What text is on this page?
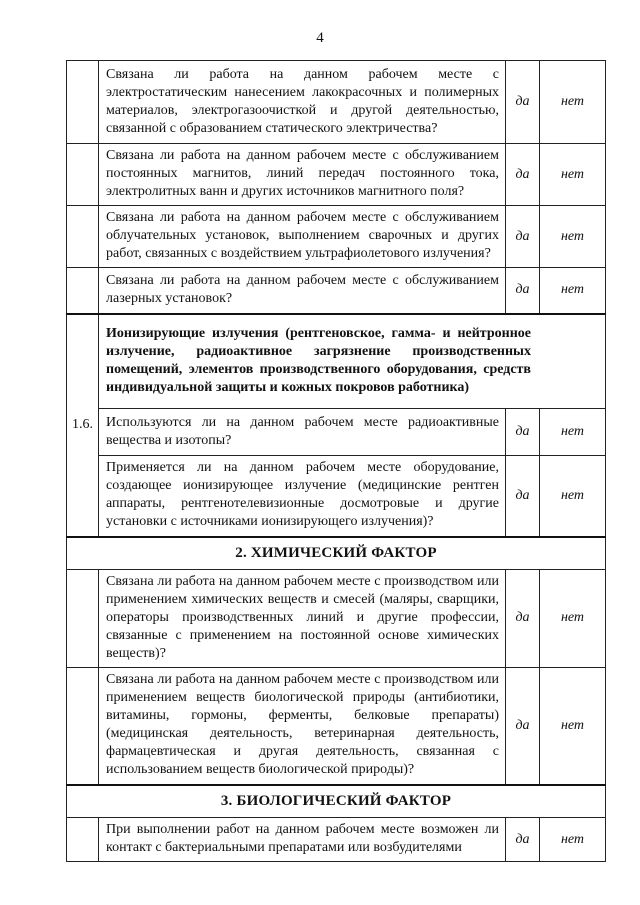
4
	Связана ли работа на данном рабочем месте с электростатическим нанесением лакокрасочных и полимерных материалов, электрогазоочисткой и другой деятельностью, связанной с образованием статического электричества?	да	нет
	Связана ли работа на данном рабочем месте с обслуживанием постоянных магнитов, линий передач постоянного тока, электролитных ванн и других источников магнитного поля?	да	нет
	Связана ли работа на данном рабочем месте с обслуживанием облучательных установок, выполнением сварочных и других работ, связанных с воздействием ультрафиолетового излучения?	да	нет
	Связана ли работа на данном рабочем месте с обслуживанием лазерных установок?	да	нет

1.6.	Ионизирующие излучения (рентгеновское, гамма- и нейтронное излучение, радиоактивное загрязнение производственных помещений, элементов производственного оборудования, средств индивидуальной защиты и кожных покровов работника)		
	Используются ли на данном рабочем месте радиоактивные вещества и изотопы?	да	нет
	Применяется ли на данном рабочем месте оборудование, создающее ионизирующее излучение (медицинские рентген аппараты, рентгенотелевизионные досмотровые и другие установки с источниками ионизирующего излучения)?	да	нет
2. ХИМИЧЕСКИЙ ФАКТОР			
	Связана ли работа на данном рабочем месте с производством или применением химических веществ и смесей (маляры, сварщики, операторы производственных линий и другие профессии, связанные с применением на постоянной основе химических веществ)?	да	нет
	Связана ли работа на данном рабочем месте с производством или применением веществ биологической природы (антибиотики, витамины, гормоны, ферменты, белковые препараты) (медицинская деятельность, ветеринарная деятельность, фармацевтическая и другая деятельность, связанная с использованием веществ биологической природы)?	да	нет
3. БИОЛОГИЧЕСКИЙ ФАКТОР			
	При выполнении работ на данном рабочем месте возможен ли контакт с бактериальными препаратами или возбудителями	да	нет
